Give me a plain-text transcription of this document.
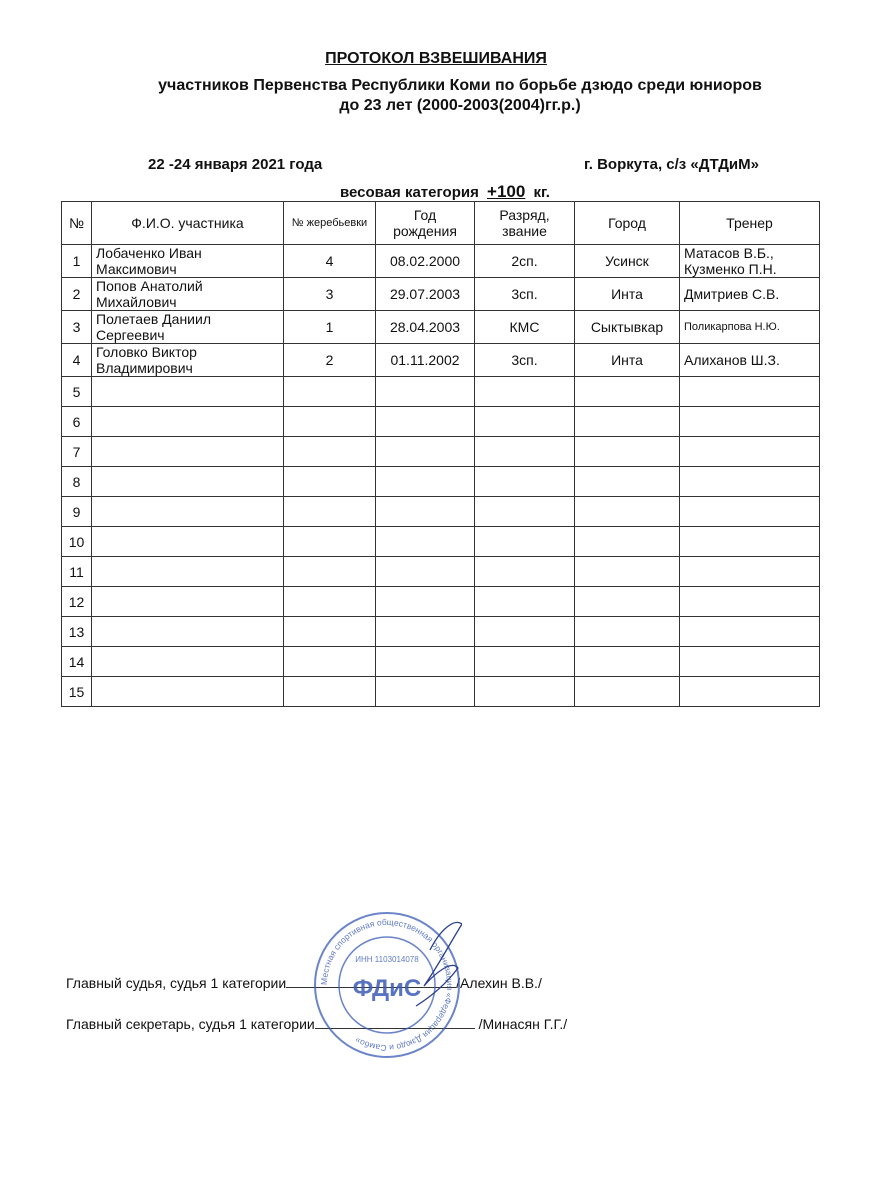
ПРОТОКОЛ ВЗВЕШИВАНИЯ
участников Первенства Республики Коми по борьбе дзюдо среди юниоров
до 23 лет (2000-2003(2004)гг.р.)
22 -24 января 2021 года	г. Воркута, с/з «ДТДиМ»
весовая категория +100 кг.
№	Ф.И.О. участника	№ жеребьевки	Год рождения	Разряд, звание	Город	Тренер
1	Лобаченко Иван Максимович	4	08.02.2000	2сп.	Усинск	Матасов В.Б., Кузменко П.Н.
2	Попов Анатолий Михайлович	3	29.07.2003	3сп.	Инта	Дмитриев С.В.
3	Полетаев Даниил Сергеевич	1	28.04.2003	КМС	Сыктывкар	Поликарпова Н.Ю.
4	Головко Виктор Владимирович	2	01.11.2002	3сп.	Инта	Алиханов Ш.З.
5						
6						
7						
8						
9						
10						
11						
12						
13						
14						
15						
Главный судья, судья 1 категории	/Алехин В.В./
Главный секретарь, судья 1 категории	/Минасян Г.Г./
Местная спортивная общественная организация «Федерация Дзюдо и Самбо»
ИНН 1103014078
ФДиС
